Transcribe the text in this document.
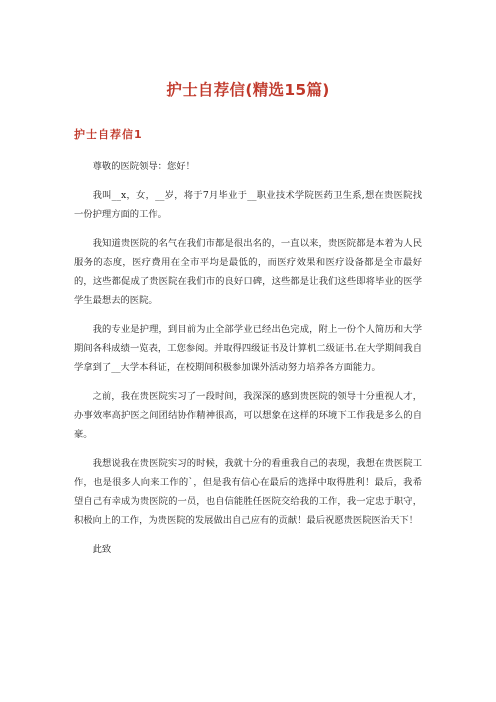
护士自荐信(精选15篇)
护士自荐信1

尊敬的医院领导：您好！

我叫__x，女，__岁，将于7月毕业于__职业技术学院医药卫生系,想在贵医院找一份护理方面的工作。

我知道贵医院的名气在我们市都是很出名的，一直以来，贵医院都是本着为人民服务的态度，医疗费用在全市平均是最低的，而医疗效果和医疗设备都是全市最好的，这些都促成了贵医院在我们市的良好口碑，这些都是让我们这些即将毕业的医学学生最想去的医院。

我的专业是护理，到目前为止全部学业已经出色完成，附上一份个人简历和大学期间各科成绩一览表，工您参阅。并取得四级证书及计算机二级证书.在大学期间我自学拿到了__大学本科证，在校期间积极参加课外活动努力培养各方面能力。

之前，我在贵医院实习了一段时间，我深深的感到贵医院的领导十分重视人才，办事效率高护医之间团结协作精神很高，可以想象在这样的环境下工作我是多么的自豪。

我想说我在贵医院实习的时候，我就十分的看重我自己的表现，我想在贵医院工作，也是很多人向来工作的`，但是我有信心在最后的选择中取得胜利！最后，我希望自己有幸成为贵医院的一员，也自信能胜任医院交给我的工作，我一定忠于职守，积极向上的工作，为贵医院的发展做出自己应有的贡献！最后祝愿贵医院医治天下！

此致
